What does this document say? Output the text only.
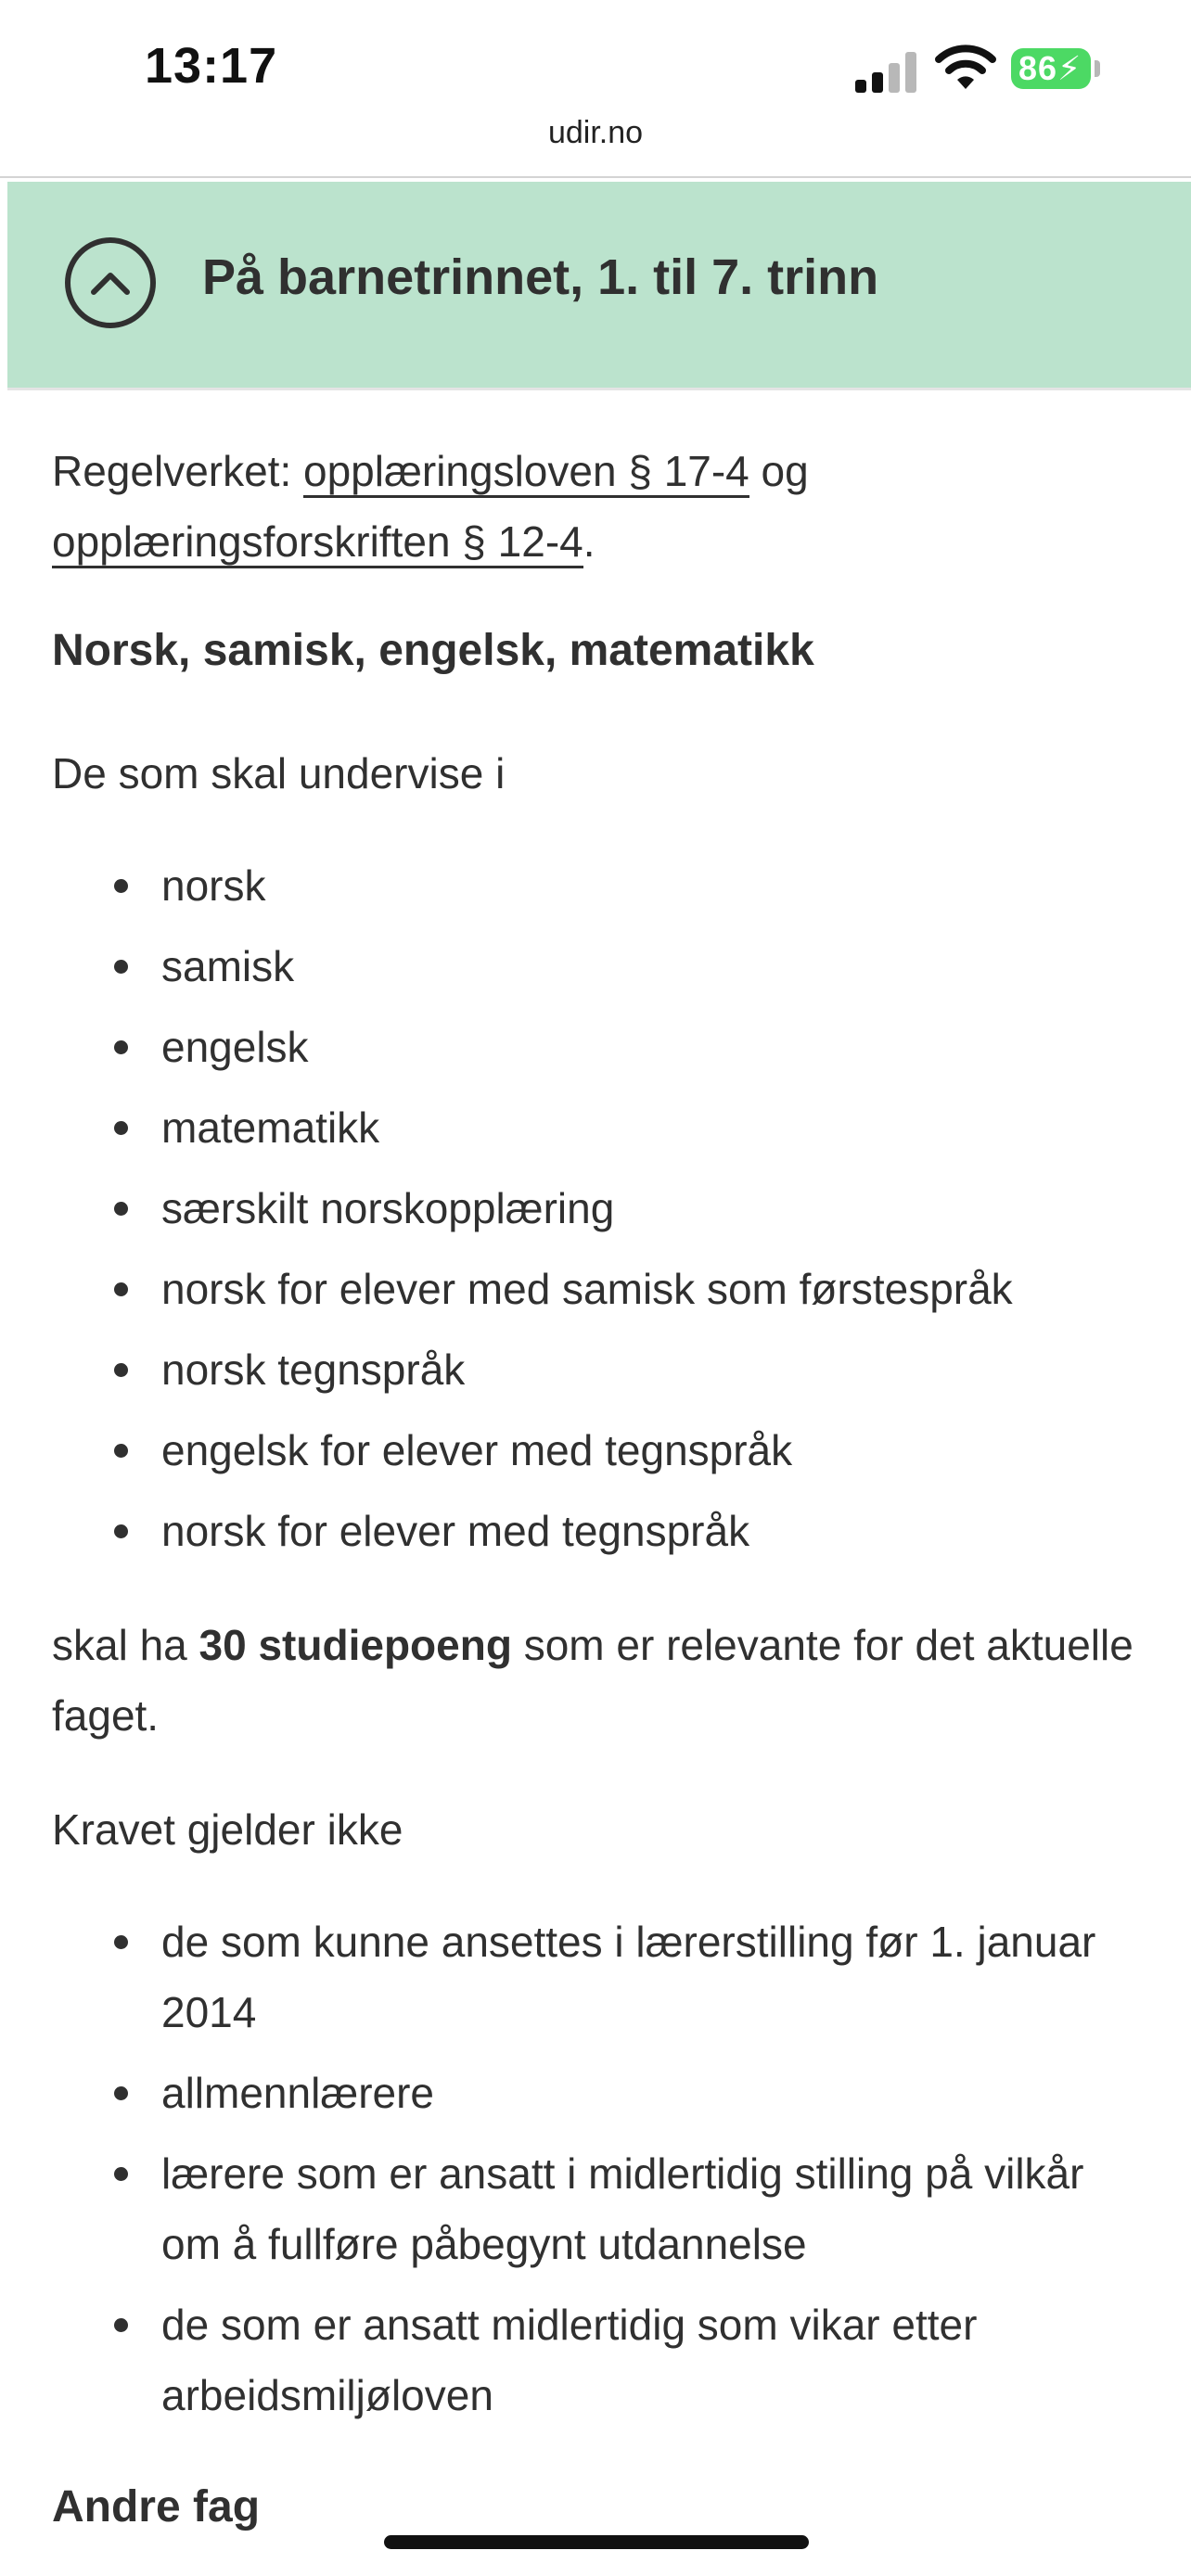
13:17	86⚡
udir.no
På barnetrinnet, 1. til 7. trinn

Regelverket: opplæringsloven § 17-4 og opplæringsforskriften § 12-4.

Norsk, samisk, engelsk, matematikk

De som skal undervise i

norsk
samisk
engelsk
matematikk
særskilt norskopplæring
norsk for elever med samisk som førstespråk
norsk tegnspråk
engelsk for elever med tegnspråk
norsk for elever med tegnspråk

skal ha 30 studiepoeng som er relevante for det aktuelle faget.

Kravet gjelder ikke

de som kunne ansettes i lærerstilling før 1. januar 2014
allmennlærere
lærere som er ansatt i midlertidig stilling på vilkår om å fullføre påbegynt utdannelse
de som er ansatt midlertidig som vikar etter arbeidsmiljøloven
Andre fag
